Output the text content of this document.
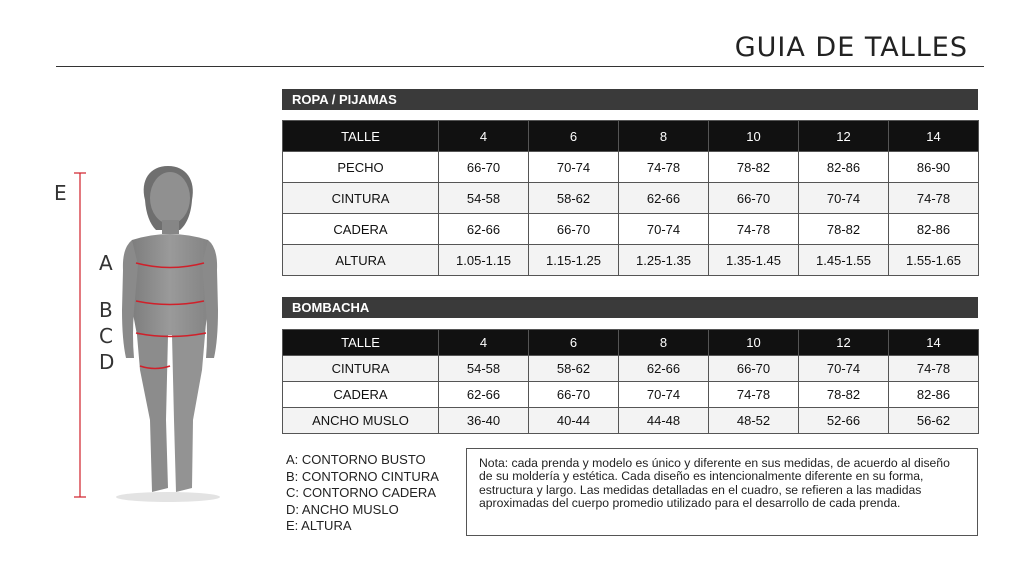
GUIA DE TALLES
E
A
B
C
D
ROPA / PIJAMAS
TALLE	4	6	8	10	12	14
PECHO	66-70	70-74	74-78	78-82	82-86	86-90
CINTURA	54-58	58-62	62-66	66-70	70-74	74-78
CADERA	62-66	66-70	70-74	74-78	78-82	82-86
ALTURA	1.05-1.15	1.15-1.25	1.25-1.35	1.35-1.45	1.45-1.55	1.55-1.65
BOMBACHA
TALLE	4	6	8	10	12	14
CINTURA	54-58	58-62	62-66	66-70	70-74	74-78
CADERA	62-66	66-70	70-74	74-78	78-82	82-86
ANCHO MUSLO	36-40	40-44	44-48	48-52	52-66	56-62
A: CONTORNO BUSTO
B: CONTORNO CINTURA
C: CONTORNO CADERA
D: ANCHO MUSLO
E: ALTURA
Nota: cada prenda y modelo es único y diferente en sus medidas, de acuerdo al diseño de su moldería y estética. Cada diseño es intencionalmente diferente en su forma, estructura y largo. Las medidas detalladas en el cuadro, se refieren a las madidas aproximadas del cuerpo promedio utilizado para el desarrollo de cada prenda.
